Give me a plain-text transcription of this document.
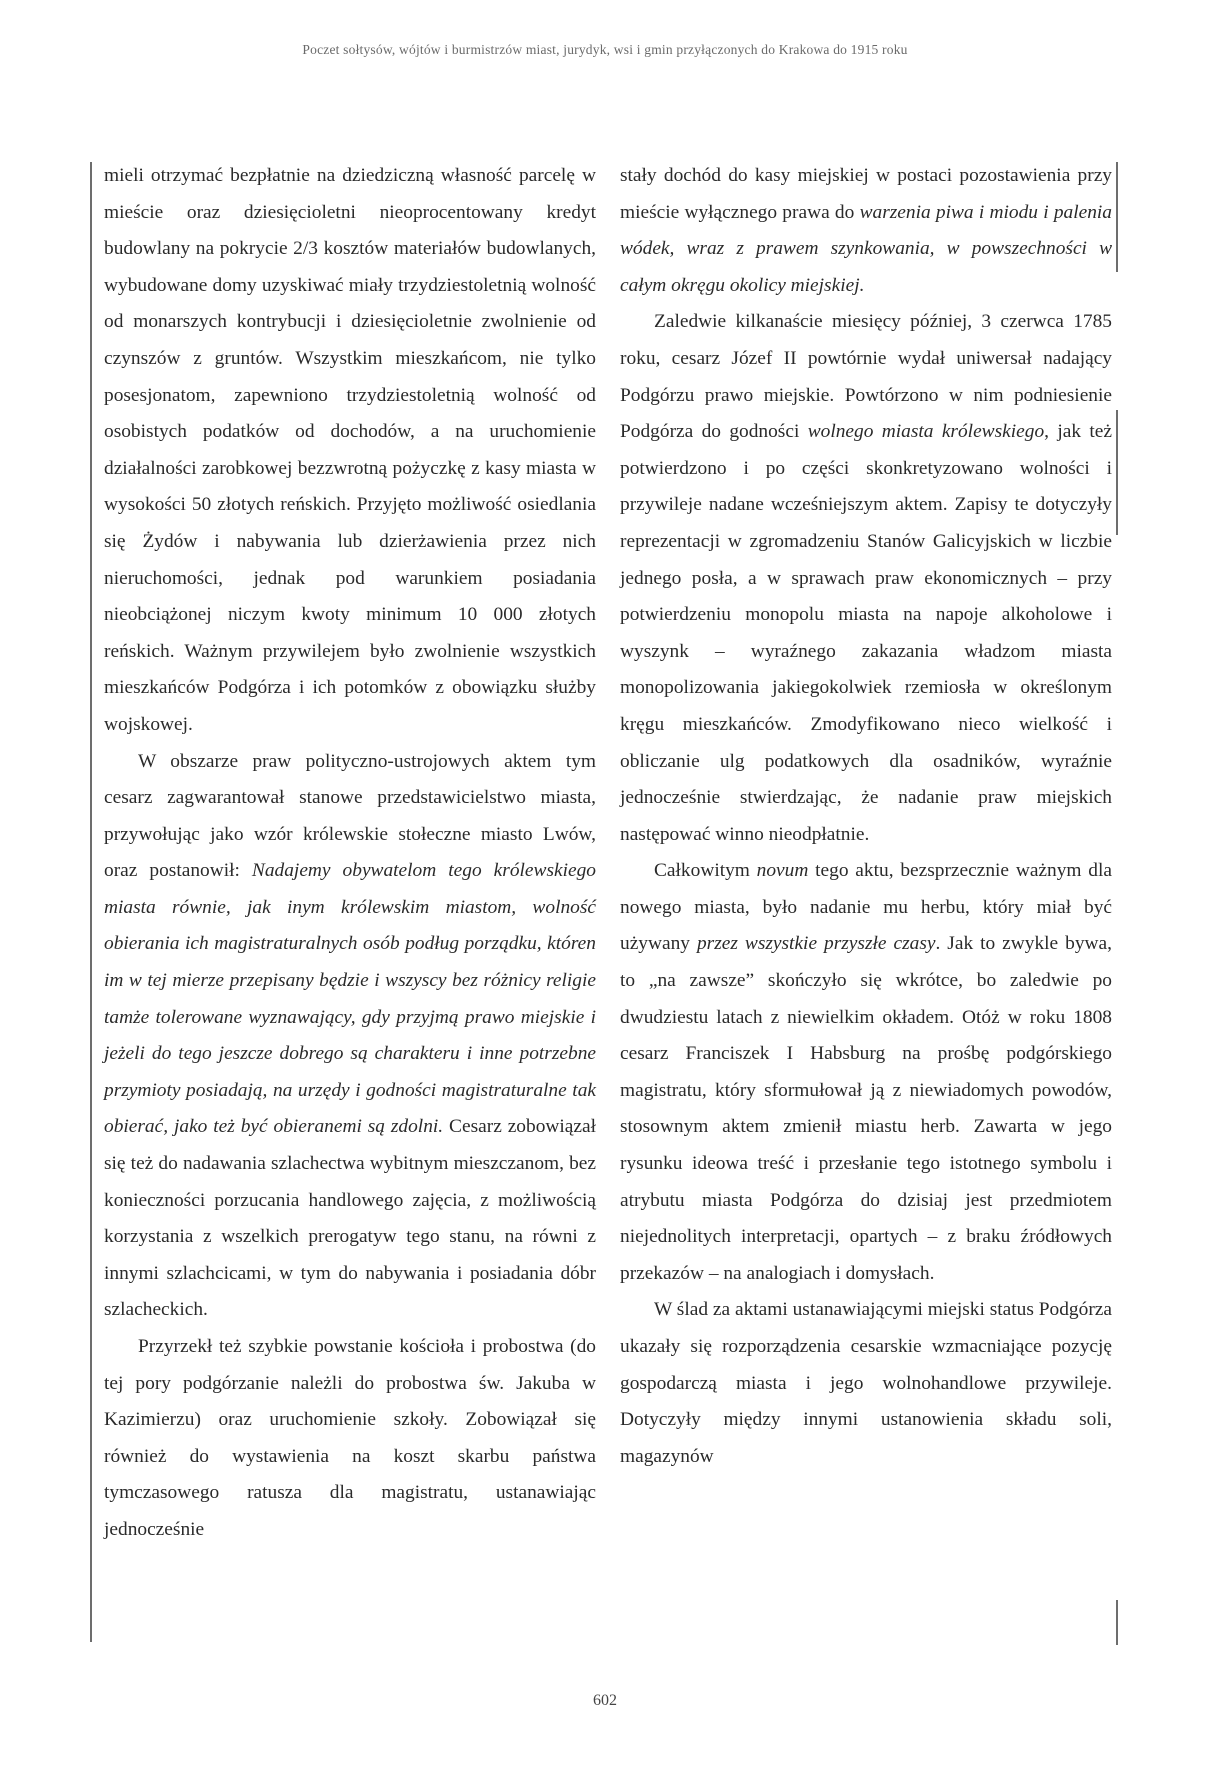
Poczet sołtysów, wójtów i burmistrzów miast, jurydyk, wsi i gmin przyłączonych do Krakowa do 1915 roku

mieli otrzymać bezpłatnie na dziedziczną własność parcelę w mieście oraz dziesięcioletni nieoprocentowany kredyt budowlany na pokrycie 2/3 kosztów materiałów budowlanych, wybudowane domy uzyskiwać miały trzydziestoletnią wolność od monarszych kontrybucji i dziesięcioletnie zwolnienie od czynszów z gruntów. Wszystkim mieszkańcom, nie tylko posesjonatom, zapewniono trzydziestoletnią wolność od osobistych podatków od dochodów, a na uruchomienie działalności zarobkowej bezzwrotną pożyczkę z kasy miasta w wysokości 50 złotych reńskich. Przyjęto możliwość osiedlania się Żydów i nabywania lub dzierżawienia przez nich nieruchomości, jednak pod warunkiem posiadania nieobciążonej niczym kwoty minimum 10 000 złotych reńskich. Ważnym przywilejem było zwolnienie wszystkich mieszkańców Podgórza i ich potomków z obowiązku służby wojskowej.

W obszarze praw polityczno-ustrojowych aktem tym cesarz zagwarantował stanowe przedstawicielstwo miasta, przywołując jako wzór królewskie stołeczne miasto Lwów, oraz postanowił: Nadajemy obywatelom tego królewskiego miasta równie, jak inym królewskim miastom, wolność obierania ich magistraturalnych osób podług porządku, któren im w tej mierze przepisany będzie i wszyscy bez różnicy religie tamże tolerowane wyznawający, gdy przyjmą prawo miejskie i jeżeli do tego jeszcze dobrego są charakteru i inne potrzebne przymioty posiadają, na urzędy i godności magistraturalne tak obierać, jako też być obieranemi są zdolni. Cesarz zobowiązał się też do nadawania szlachectwa wybitnym mieszczanom, bez konieczności porzucania handlowego zajęcia, z możliwością korzystania z wszelkich prerogatyw tego stanu, na równi z innymi szlachcicami, w tym do nabywania i posiadania dóbr szlacheckich.

Przyrzekł też szybkie powstanie kościoła i probostwa (do tej pory podgórzanie należli do probostwa św. Jakuba w Kazimierzu) oraz uruchomienie szkoły. Zobowiązał się również do wystawienia na koszt skarbu państwa tymczasowego ratusza dla magistratu, ustanawiając jednocześnie

stały dochód do kasy miejskiej w postaci pozostawienia przy mieście wyłącznego prawa do warzenia piwa i miodu i palenia wódek, wraz z prawem szynkowania, w powszechności w całym okręgu okolicy miejskiej.

Zaledwie kilkanaście miesięcy później, 3 czerwca 1785 roku, cesarz Józef II powtórnie wydał uniwersał nadający Podgórzu prawo miejskie. Powtórzono w nim podniesienie Podgórza do godności wolnego miasta królewskiego, jak też potwierdzono i po części skonkretyzowano wolności i przywileje nadane wcześniejszym aktem. Zapisy te dotyczyły reprezentacji w zgromadzeniu Stanów Galicyjskich w liczbie jednego posła, a w sprawach praw ekonomicznych – przy potwierdzeniu monopolu miasta na napoje alkoholowe i wyszynk – wyraźnego zakazania władzom miasta monopolizowania jakiegokolwiek rzemiosła w określonym kręgu mieszkańców. Zmodyfikowano nieco wielkość i obliczanie ulg podatkowych dla osadników, wyraźnie jednocześnie stwierdzając, że nadanie praw miejskich następować winno nieodpłatnie.

Całkowitym novum tego aktu, bezsprzecznie ważnym dla nowego miasta, było nadanie mu herbu, który miał być używany przez wszystkie przyszłe czasy. Jak to zwykle bywa, to „na zawsze” skończyło się wkrótce, bo zaledwie po dwudziestu latach z niewielkim okładem. Otóż w roku 1808 cesarz Franciszek I Habsburg na prośbę podgórskiego magistratu, który sformułował ją z niewiadomych powodów, stosownym aktem zmienił miastu herb. Zawarta w jego rysunku ideowa treść i przesłanie tego istotnego symbolu i atrybutu miasta Podgórza do dzisiaj jest przedmiotem niejednolitych interpretacji, opartych – z braku źródłowych przekazów – na analogiach i domysłach.

W ślad za aktami ustanawiającymi miejski status Podgórza ukazały się rozporządzenia cesarskie wzmacniające pozycję gospodarczą miasta i jego wolnohandlowe przywileje. Dotyczyły między innymi ustanowienia składu soli, magazynów

602
